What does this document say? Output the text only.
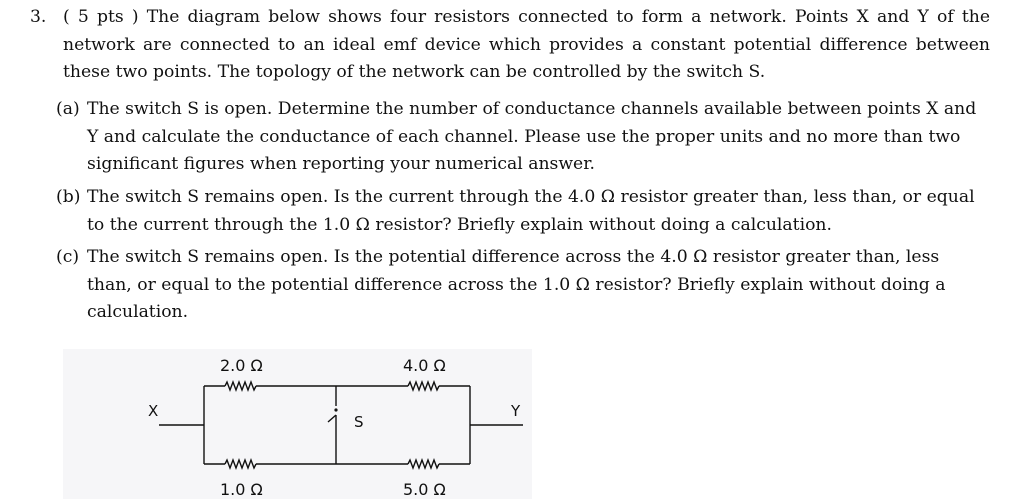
3. ( 5 pts ) The diagram below shows four resistors connected to form a network. Points X and Y of the network are connected to an ideal emf device which provides a constant potential difference between these two points. The topology of the network can be controlled by the switch S.
(a) The switch S is open. Determine the number of conductance channels available between points X and Y and calculate the conductance of each channel. Please use the proper units and no more than two significant figures when reporting your numerical answer.
(b) The switch S remains open. Is the current through the 4.0 Ω resistor greater than, less than, or equal to the current through the 1.0 Ω resistor? Briefly explain without doing a calculation.
(c) The switch S remains open. Is the potential difference across the 4.0 Ω resistor greater than, less than, or equal to the potential difference across the 1.0 Ω resistor? Briefly explain without doing a calculation.
2.0 Ω	4.0 Ω
1.0 Ω	5.0 Ω
X	Y
S
